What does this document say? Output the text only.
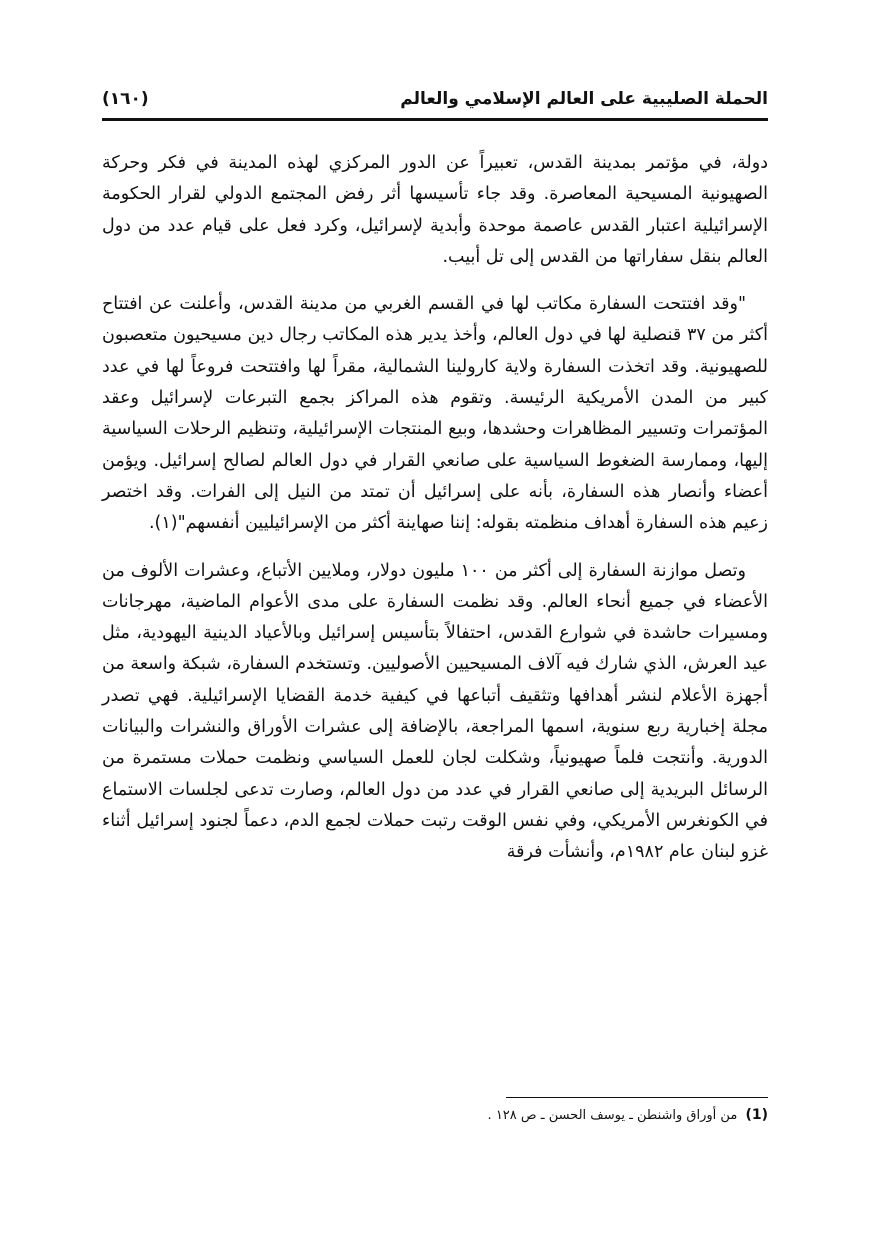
الحملة الصليبية على العالم الإسلامي والعالم
(١٦٠)

دولة، في مؤتمر بمدينة القدس، تعبيراً عن الدور المركزي لهذه المدينة في فكر وحركة الصهيونية المسيحية المعاصرة. وقد جاء تأسيسها أثر رفض المجتمع الدولي لقرار الحكومة الإسرائيلية اعتبار القدس عاصمة موحدة وأبدية لإسرائيل، وكرد فعل على قيام عدد من دول العالم بنقل سفاراتها من القدس إلى تل أبيب.

"وقد افتتحت السفارة مكاتب لها في القسم الغربي من مدينة القدس، وأعلنت عن افتتاح أكثر من ٣٧ قنصلية لها في دول العالم، وأخذ يدير هذه المكاتب رجال دين مسيحيون متعصبون للصهيونية. وقد اتخذت السفارة ولاية كارولينا الشمالية، مقراً لها وافتتحت فروعاً لها في عدد كبير من المدن الأمريكية الرئيسة. وتقوم هذه المراكز بجمع التبرعات لإسرائيل وعقد المؤتمرات وتسيير المظاهرات وحشدها، وبيع المنتجات الإسرائيلية، وتنظيم الرحلات السياسية إليها، وممارسة الضغوط السياسية على صانعي القرار في دول العالم لصالح إسرائيل. ويؤمن أعضاء وأنصار هذه السفارة، بأنه على إسرائيل أن تمتد من النيل إلى الفرات. وقد اختصر زعيم هذه السفارة أهداف منظمته بقوله: إننا صهاينة أكثر من الإسرائيليين أنفسهم"(١).

وتصل موازنة السفارة إلى أكثر من ١٠٠ مليون دولار، وملايين الأتباع، وعشرات الألوف من الأعضاء في جميع أنحاء العالم. وقد نظمت السفارة على مدى الأعوام الماضية، مهرجانات ومسيرات حاشدة في شوارع القدس، احتفالاً بتأسيس إسرائيل وبالأعياد الدينية اليهودية، مثل عيد العرش، الذي شارك فيه آلاف المسيحيين الأصوليين. وتستخدم السفارة، شبكة واسعة من أجهزة الأعلام لنشر أهدافها وتثقيف أتباعها في كيفية خدمة القضايا الإسرائيلية. فهي تصدر مجلة إخبارية ربع سنوية، اسمها المراجعة، بالإضافة إلى عشرات الأوراق والنشرات والبيانات الدورية. وأنتجت فلماً صهيونياً، وشكلت لجان للعمل السياسي ونظمت حملات مستمرة من الرسائل البريدية إلى صانعي القرار في عدد من دول العالم، وصارت تدعى لجلسات الاستماع في الكونغرس الأمريكي، وفي نفس الوقت رتبت حملات لجمع الدم، دعماً لجنود إسرائيل أثناء غزو لبنان عام ١٩٨٢م، وأنشأت فرقة

(1) من أوراق واشنطن ـ يوسف الحسن ـ ص ١٢٨ .
